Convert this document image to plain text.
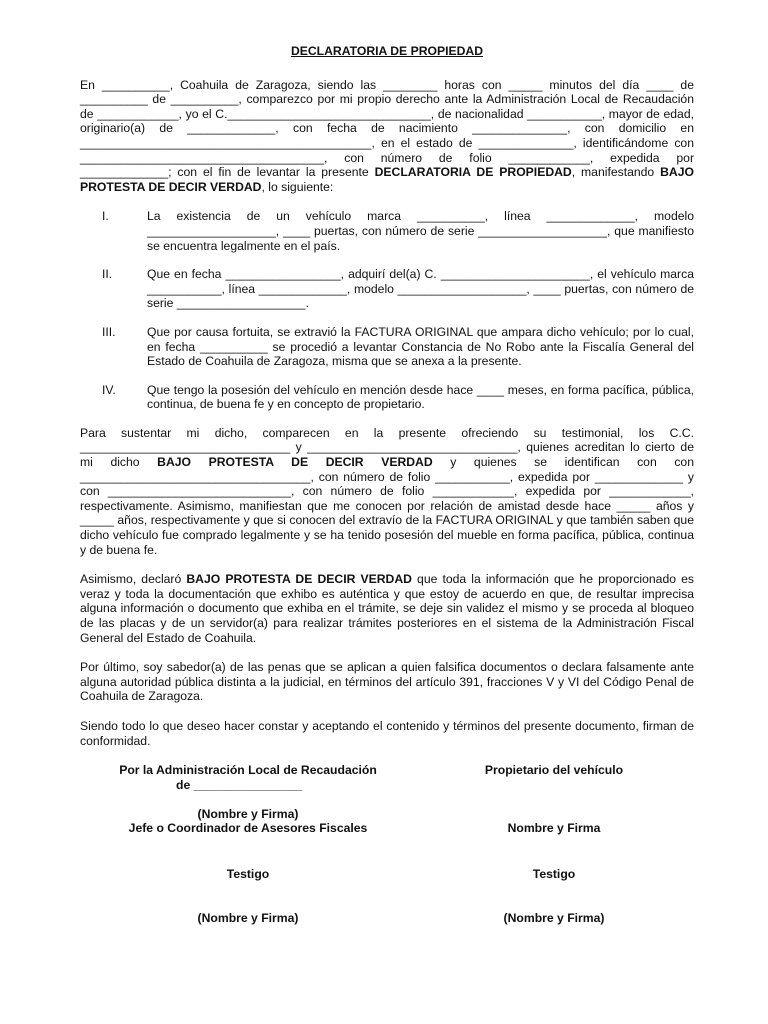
DECLARATORIA DE PROPIEDAD

En __________, Coahuila de Zaragoza, siendo las ________ horas con _____ minutos del día ____ de __________ de __________, comparezco por mi propio derecho ante la Administración Local de Recaudación de ____________, yo el C.______________________________, de nacionalidad ___________, mayor de edad, originario(a) de _____________, con fecha de nacimiento ______________, con domicilio en ___________________________________________, en el estado de ______________, identificándome con ____________________________________, con número de folio ____________, expedida por _____________; con el fin de levantar la presente DECLARATORIA DE PROPIEDAD, manifestando BAJO PROTESTA DE DECIR VERDAD, lo siguiente:

I.	La existencia de un vehículo marca __________, línea _____________, modelo ___________________, ____ puertas, con número de serie ___________________, que manifiesto se encuentra legalmente en el país.
II.	Que en fecha _________________, adquirí del(a) C. ______________________, el vehículo marca ___________, línea _____________, modelo ___________________, ____ puertas, con número de serie ___________________.
III.	Que por causa fortuita, se extravió la FACTURA ORIGINAL que ampara dicho vehículo; por lo cual, en fecha __________ se procedió a levantar Constancia de No Robo ante la Fiscalía General del Estado de Coahuila de Zaragoza, misma que se anexa a la presente.
IV.	Que tengo la posesión del vehículo en mención desde hace ____ meses, en forma pacífica, pública, continua, de buena fe y en concepto de propietario.

Para sustentar mi dicho, comparecen en la presente ofreciendo su testimonial, los C.C. _______________________________ y _______________________________, quienes acreditan lo cierto de mi dicho BAJO PROTESTA DE DECIR VERDAD y quienes se identifican con con __________________________________, con número de folio ___________, expedida por _____________ y con ___________________________, con número de folio ____________, expedida por ____________, respectivamente. Asimismo, manifiestan que me conocen por relación de amistad desde hace _____ años y _____ años, respectivamente y que si conocen del extravío de la FACTURA ORIGINAL y que también saben que dicho vehículo fue comprado legalmente y se ha tenido posesión del mueble en forma pacífica, pública, continua y de buena fe.

Asimismo, declaró BAJO PROTESTA DE DECIR VERDAD que toda la información que he proporcionado es veraz y toda la documentación que exhibo es auténtica y que estoy de acuerdo en que, de resultar imprecisa alguna información o documento que exhiba en el trámite, se deje sin validez el mismo y se proceda al bloqueo de las placas y de un servidor(a) para realizar trámites posteriores en el sistema de la Administración Fiscal General del Estado de Coahuila.

Por último, soy sabedor(a) de las penas que se aplican a quien falsifica documentos o declara falsamente ante alguna autoridad pública distinta a la judicial, en términos del artículo 391, fracciones V y VI del Código Penal de Coahuila de Zaragoza.

Siendo todo lo que deseo hacer constar y aceptando el contenido y términos del presente documento, firman de conformidad.

Por la Administración Local de Recaudación
de ________________
Propietario del vehículo
(Nombre y Firma)
Jefe o Coordinador de Asesores Fiscales	Nombre y Firma
Testigo	Testigo
(Nombre y Firma)	(Nombre y Firma)
